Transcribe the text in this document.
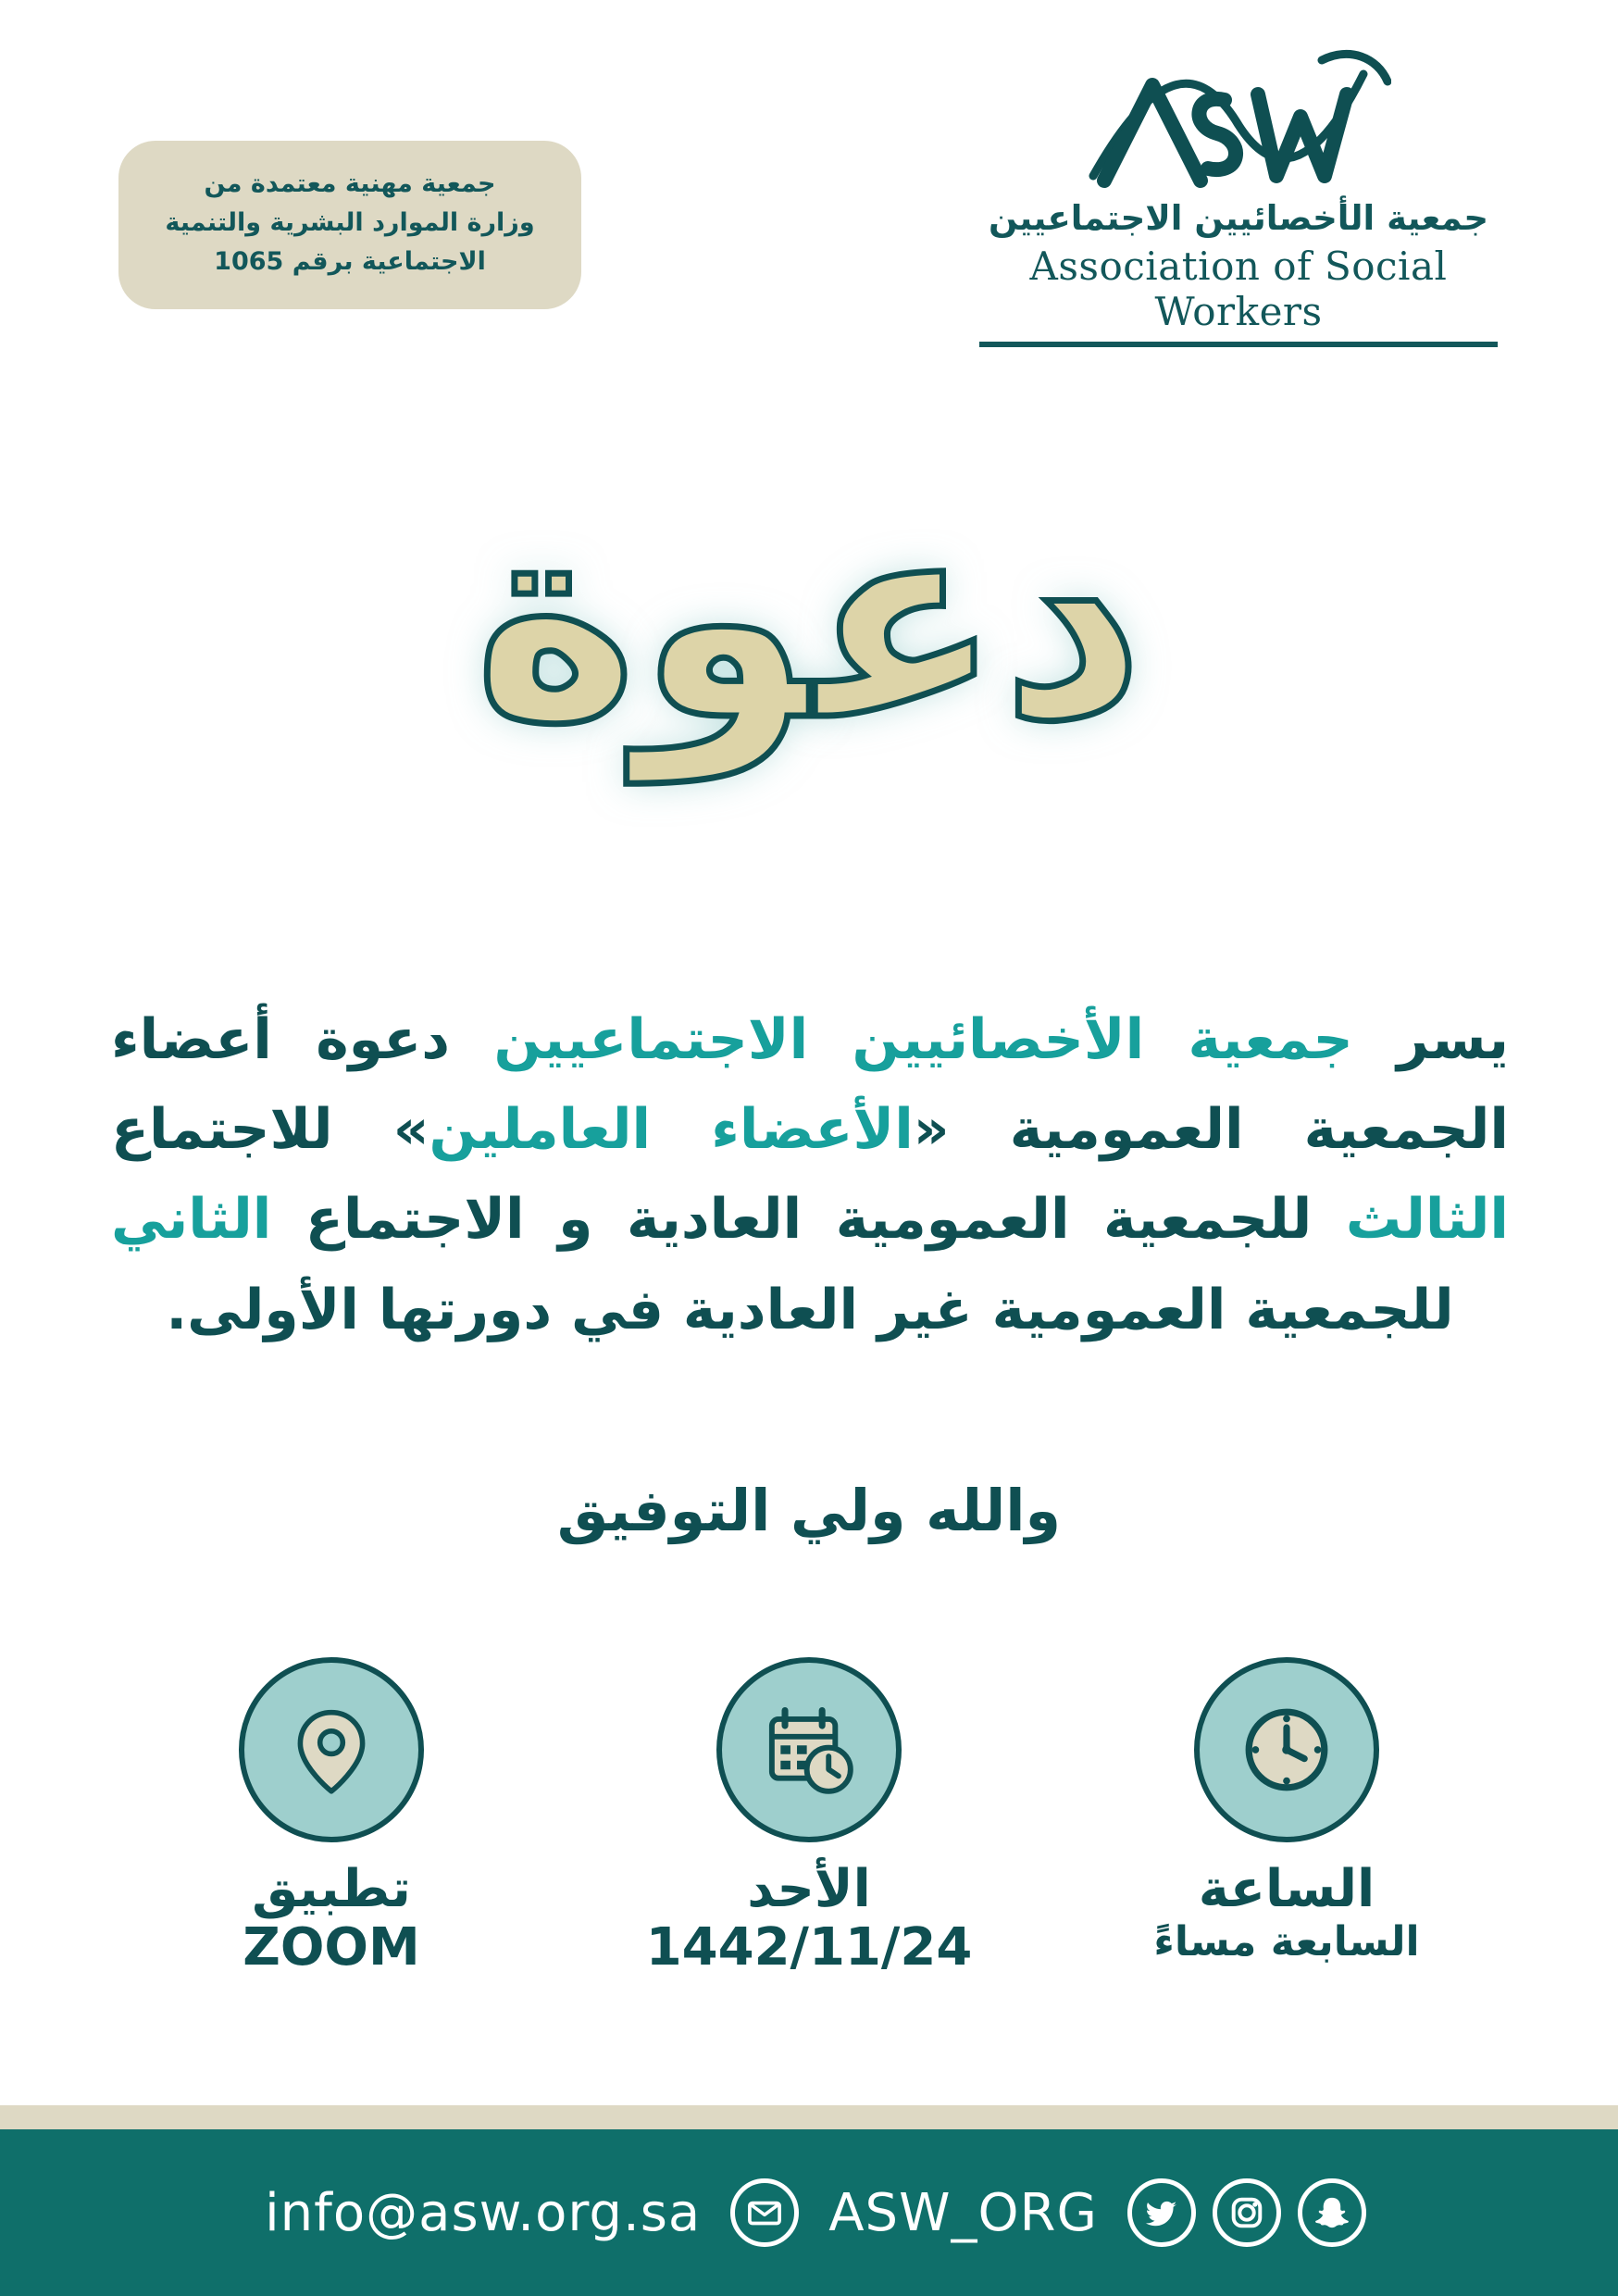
جمعية مهنية معتمدة من
وزارة الموارد البشرية والتنمية
الاجتماعية برقم 1065
جمعية الأخصائيين الاجتماعيين
Association of Social Workers
دعوة
يسر جمعية الأخصائيين الاجتماعيين دعوة أعضاء الجمعية العمومية «الأعضاء العاملين» للاجتماع الثالث للجمعية العمومية العادية و الاجتماع الثاني للجمعية العمومية غير العادية في دورتها الأولى.
والله ولي التوفيق
تطبيق
ZOOM
الأحد
1442/11/24
الساعة
السابعة مساءً
ASW_ORG
info@asw.org.sa
